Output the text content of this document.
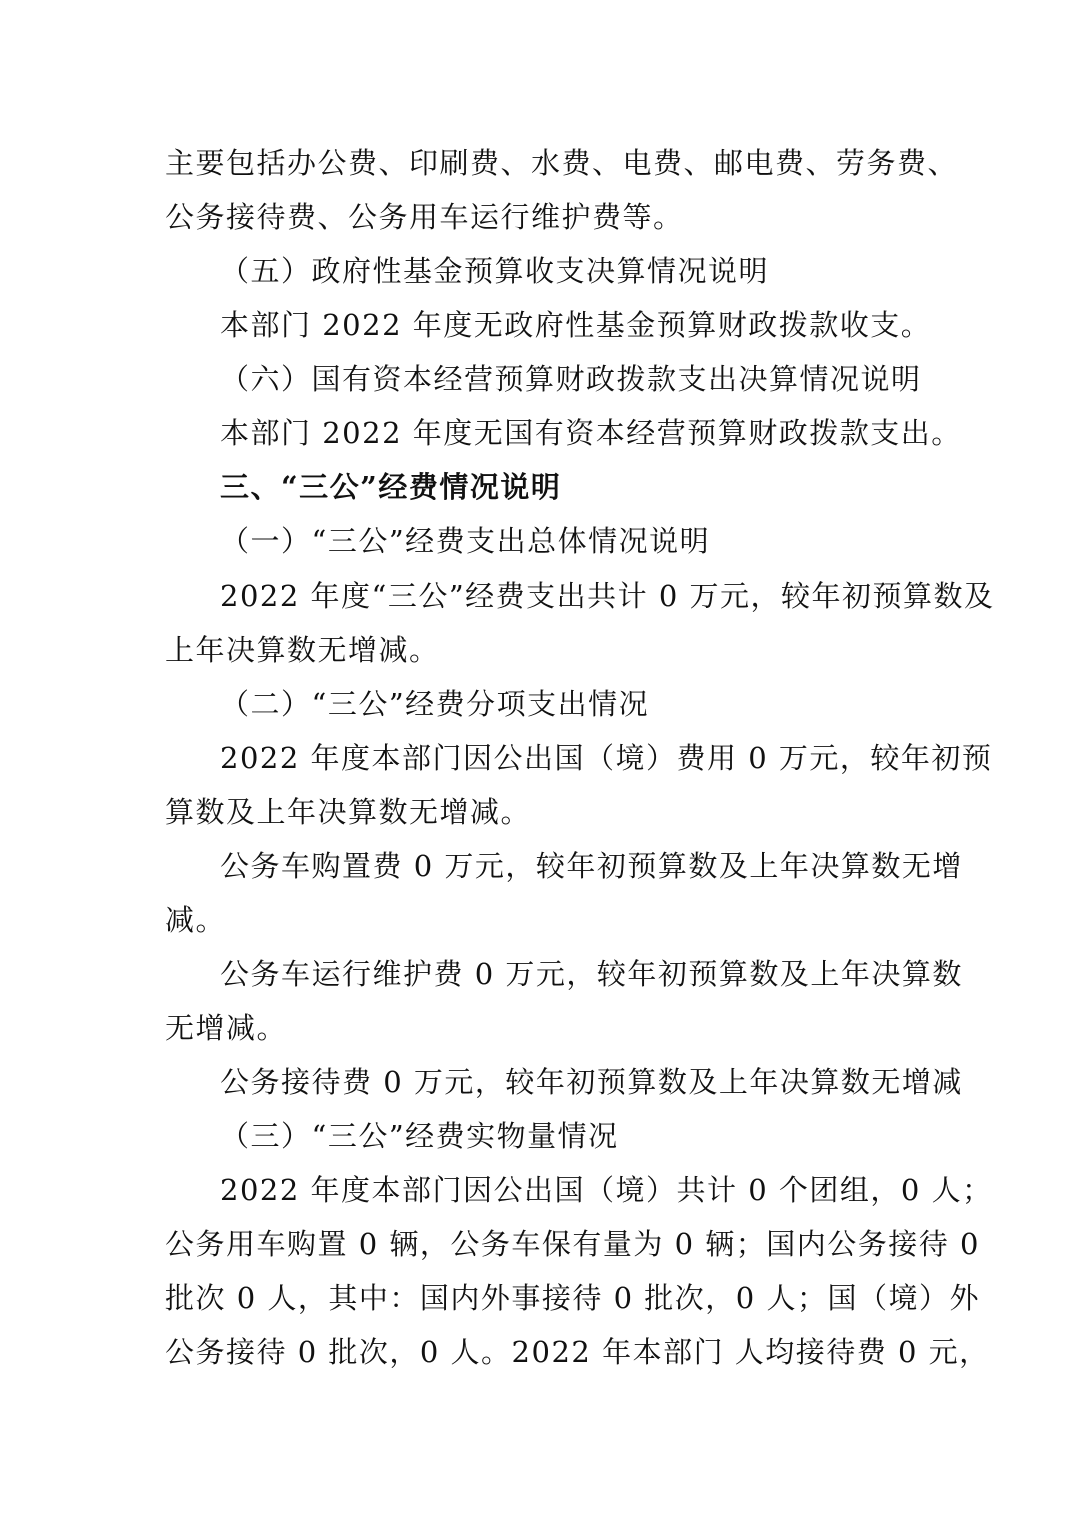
主要包括办公费、印刷费、水费、电费、邮电费、劳务费、
公务接待费、公务用车运行维护费等。
（五）政府性基金预算收支决算情况说明
本部门 2022 年度无政府性基金预算财政拨款收支。
（六）国有资本经营预算财政拨款支出决算情况说明
本部门 2022 年度无国有资本经营预算财政拨款支出。
三、“三公”经费情况说明
（一）“三公”经费支出总体情况说明
2022 年度“三公”经费支出共计 0 万元，较年初预算数及
上年决算数无增减。
（二）“三公”经费分项支出情况
2022 年度本部门因公出国（境）费用 0 万元，较年初预
算数及上年决算数无增减。
公务车购置费 0 万元，较年初预算数及上年决算数无增
减。
公务车运行维护费 0 万元，较年初预算数及上年决算数
无增减。
公务接待费 0 万元，较年初预算数及上年决算数无增减
（三）“三公”经费实物量情况
2022 年度本部门因公出国（境）共计 0 个团组，0 人；
公务用车购置 0 辆，公务车保有量为 0 辆；国内公务接待 0
批次 0 人，其中：国内外事接待 0 批次，0 人；国（境）外
公务接待 0 批次，0 人。2022 年本部门 人均接待费 0 元，
